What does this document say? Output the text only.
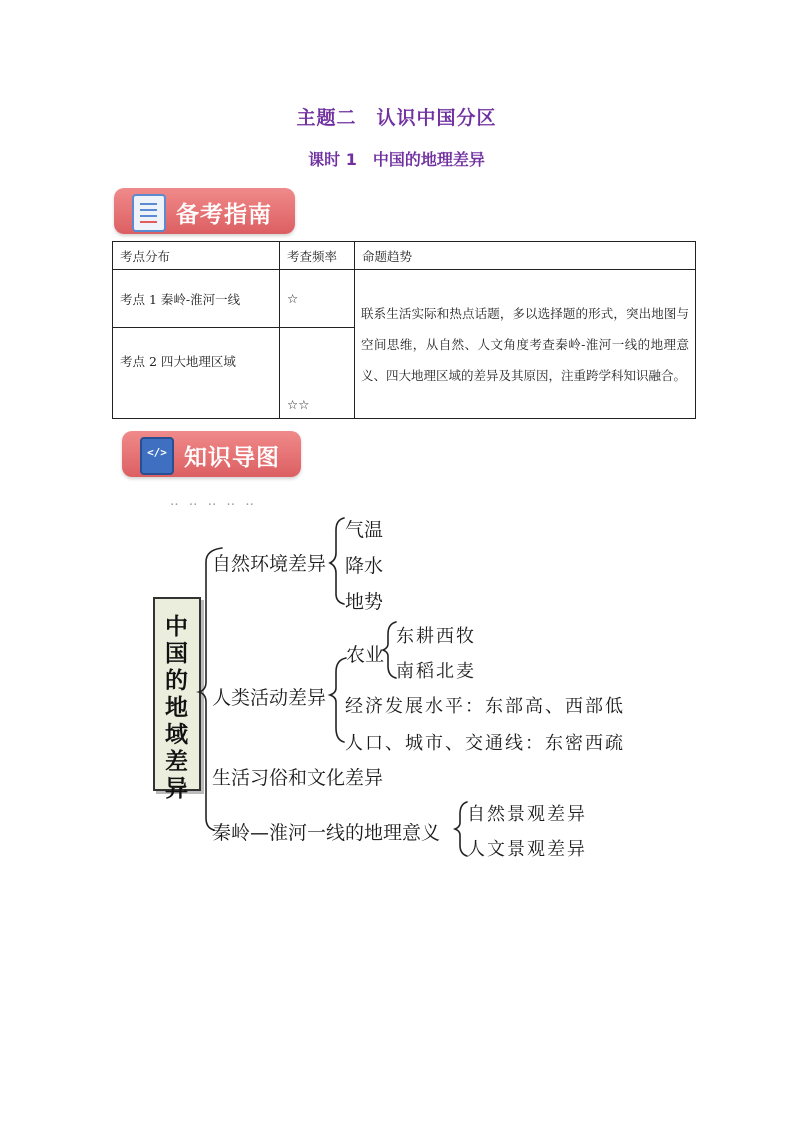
主题二　认识中国分区
课时 1　中国的地理差异
备考指南
考点分布	考查频率	命题趋势
考点 1 秦岭-淮河一线	☆	联系生活实际和热点话题，多以选择题的形式，突出地图与空间思维，从自然、人文角度考查秦岭-淮河一线的地理意义、四大地理区域的差异及其原因，注重跨学科知识融合。
考点 2 四大地理区域	☆☆	
</> 知识导图
‥ ‥ ‥ ‥ ‥
中国的地域差异
自然环境差异
气温
降水
地势
人类活动差异
农业
东耕西牧
南稻北麦
经济发展水平：东部高、西部低
人口、城市、交通线：东密西疏
生活习俗和文化差异
秦岭—淮河一线的地理意义
自然景观差异
人文景观差异
